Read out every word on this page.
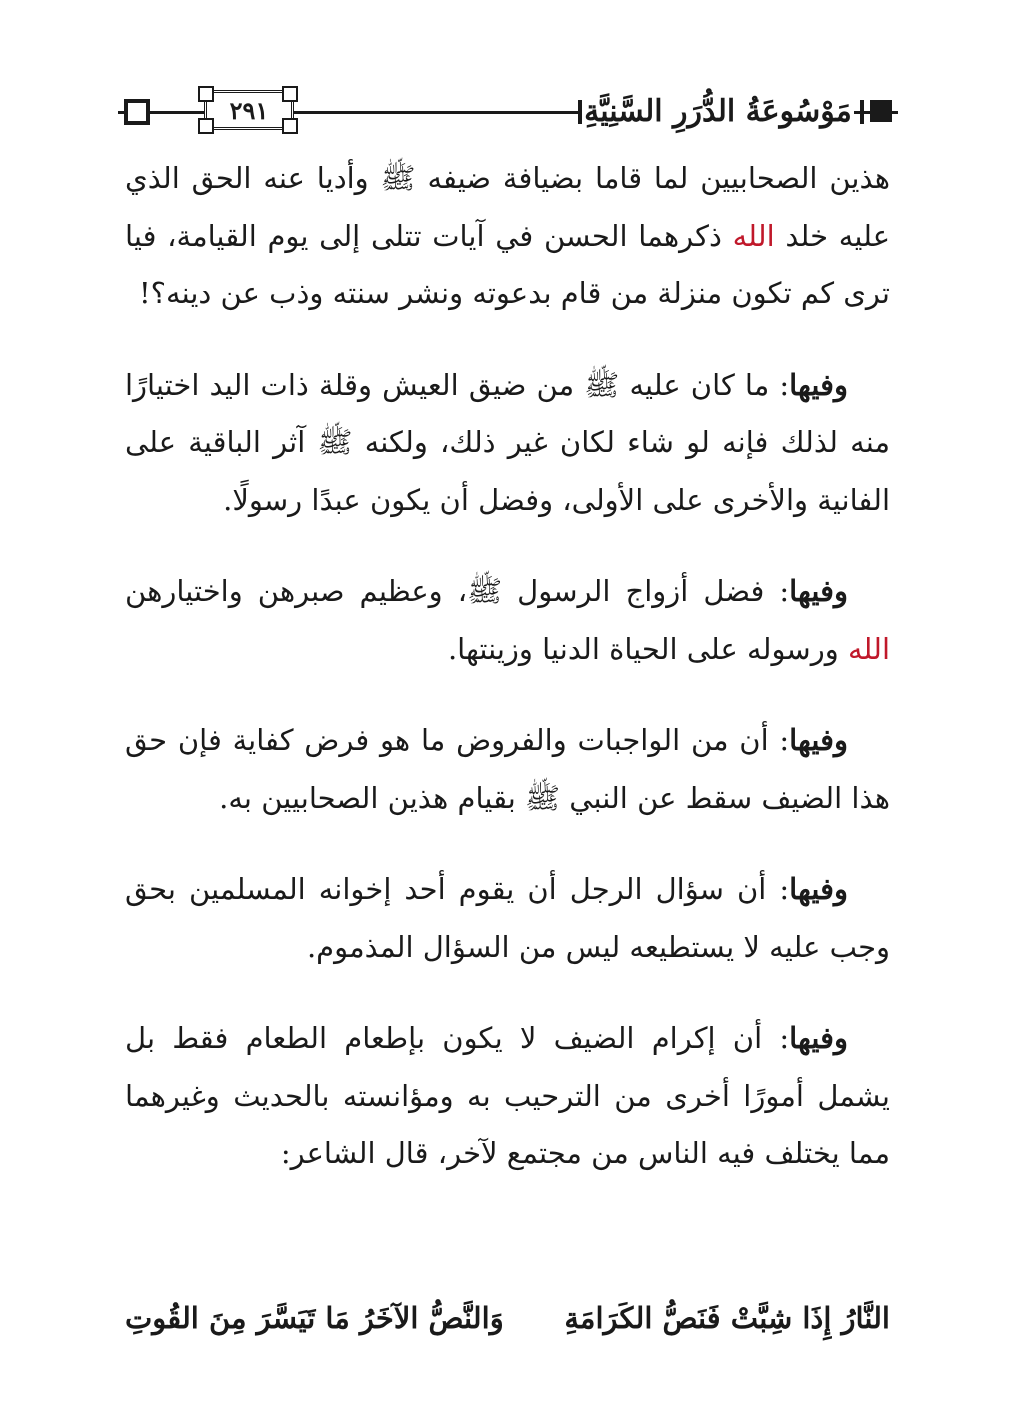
٢٩١	مَوْسُوعَةُ الدُّرَرِ السَّنِيَّةِ

هذين الصحابيين لما قاما بضيافة ضيفه ﷺ وأديا عنه الحق الذي عليه خلد الله ذكرهما الحسن في آيات تتلى إلى يوم القيامة، فيا ترى كم تكون منزلة من قام بدعوته ونشر سنته وذب عن دينه؟!

وفيها: ما كان عليه ﷺ من ضيق العيش وقلة ذات اليد اختيارًا منه لذلك فإنه لو شاء لكان غير ذلك، ولكنه ﷺ آثر الباقية على الفانية والأخرى على الأولى، وفضل أن يكون عبدًا رسولًا.

وفيها: فضل أزواج الرسول ﷺ، وعظيم صبرهن واختيارهن الله ورسوله على الحياة الدنيا وزينتها.

وفيها: أن من الواجبات والفروض ما هو فرض كفاية فإن حق هذا الضيف سقط عن النبي ﷺ بقيام هذين الصحابيين به.

وفيها: أن سؤال الرجل أن يقوم أحد إخوانه المسلمين بحق وجب عليه لا يستطيعه ليس من السؤال المذموم.

وفيها: أن إكرام الضيف لا يكون بإطعام الطعام فقط بل يشمل أمورًا أخرى من الترحيب به ومؤانسته بالحديث وغيرهما مما يختلف فيه الناس من مجتمع لآخر، قال الشاعر:

النَّارُ إِذَا شِبَّتْ فَنَصُّ الكَرَامَةِ
وَالنَّصُّ الآخَرُ مَا تَيَسَّرَ مِنَ القُوتِ
